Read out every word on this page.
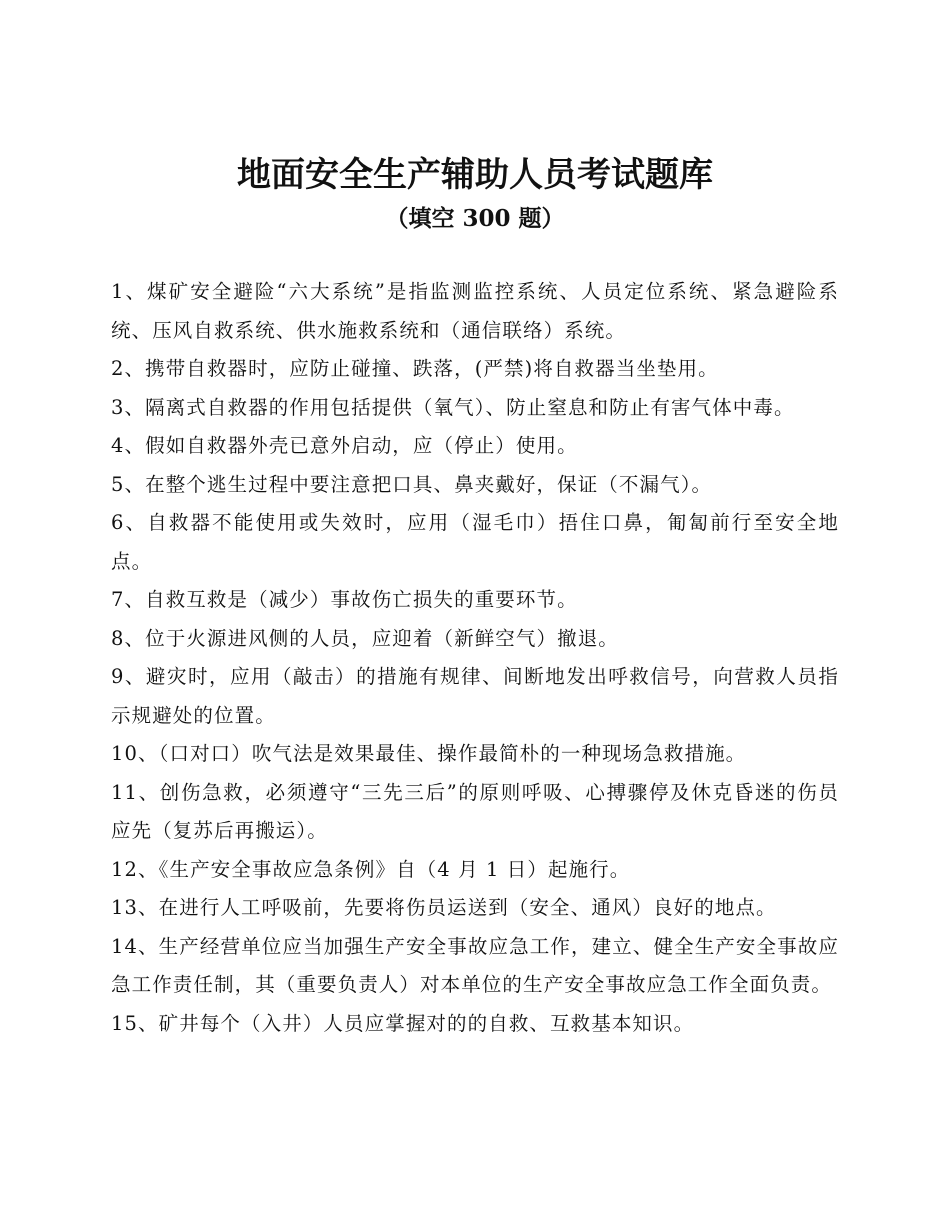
地面安全生产辅助人员考试题库
（填空 300 题）
1、煤矿安全避险“六大系统”是指监测监控系统、人员定位系统、紧急避险系统、压风自救系统、供水施救系统和（通信联络）系统。
2、携带自救器时，应防止碰撞、跌落，(严禁)将自救器当坐垫用。
3、隔离式自救器的作用包括提供（氧气）、防止窒息和防止有害气体中毒。
4、假如自救器外壳已意外启动，应（停止）使用。
5、在整个逃生过程中要注意把口具、鼻夹戴好，保证（不漏气）。
6、自救器不能使用或失效时，应用（湿毛巾）捂住口鼻，匍匐前行至安全地点。
7、自救互救是（减少）事故伤亡损失的重要环节。
8、位于火源进风侧的人员，应迎着（新鲜空气）撤退。
9、避灾时，应用（敲击）的措施有规律、间断地发出呼救信号，向营救人员指示规避处的位置。
10、（口对口）吹气法是效果最佳、操作最简朴的一种现场急救措施。
11、创伤急救，必须遵守“三先三后”的原则呼吸、心搏骤停及休克昏迷的伤员应先（复苏后再搬运）。
12、《生产安全事故应急条例》自（4 月 1 日）起施行。
13、在进行人工呼吸前，先要将伤员运送到（安全、通风）良好的地点。
14、生产经营单位应当加强生产安全事故应急工作，建立、健全生产安全事故应急工作责任制，其（重要负责人）对本单位的生产安全事故应急工作全面负责。
15、矿井每个（入井）人员应掌握对的的自救、互救基本知识。
